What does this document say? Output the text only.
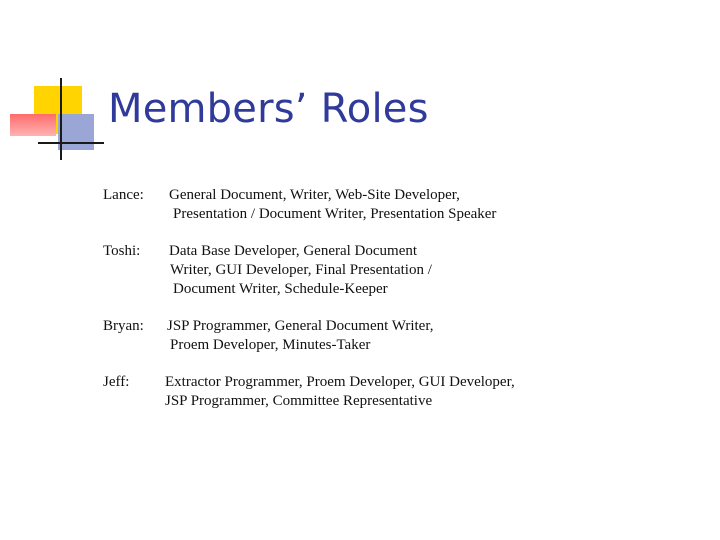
Members’ Roles
Lance:	General Document, Writer, Web-Site Developer,
Presentation / Document Writer, Presentation Speaker
Toshi:	Data Base Developer, General Document
Writer, GUI Developer, Final Presentation /
Document Writer, Schedule-Keeper
Bryan:	JSP Programmer, General Document Writer,
Proem Developer, Minutes-Taker
Jeff:	Extractor Programmer, Proem Developer, GUI Developer,
JSP Programmer, Committee Representative
